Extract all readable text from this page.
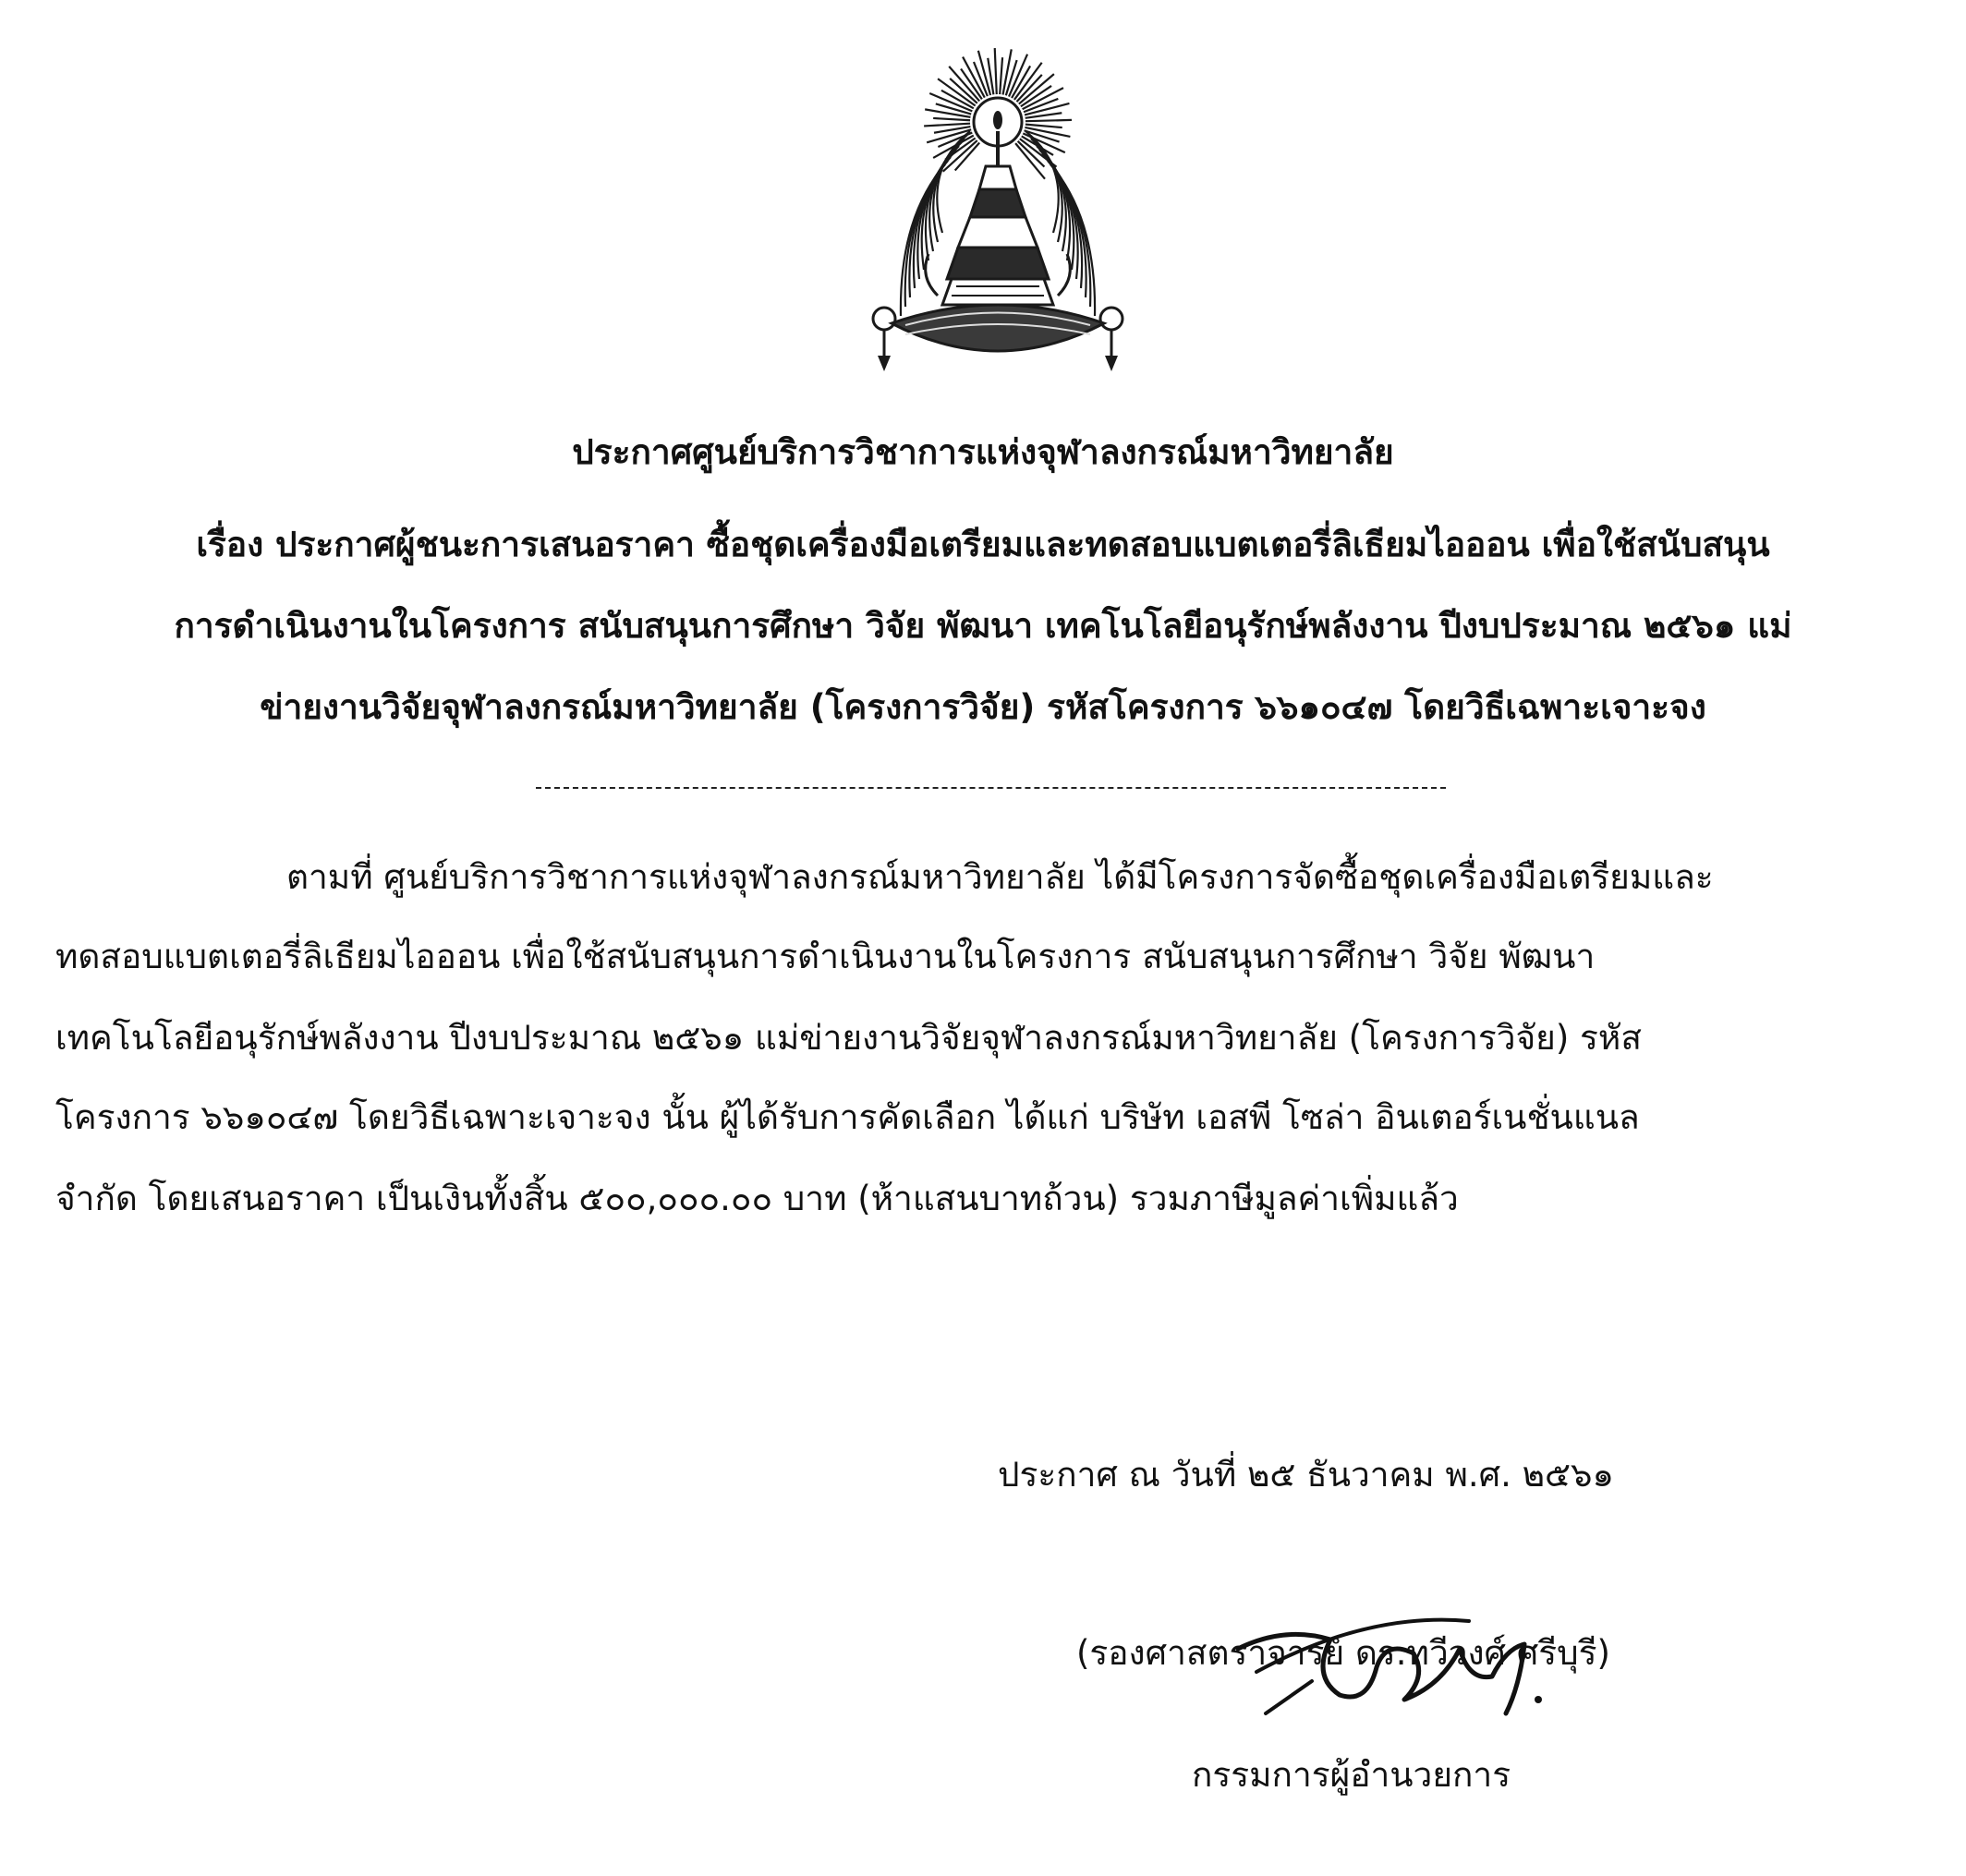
ประกาศศูนย์บริการวิชาการแห่งจุฬาลงกรณ์มหาวิทยาลัย
เรื่อง ประกาศผู้ชนะการเสนอราคา ซื้อชุดเครื่องมือเตรียมและทดสอบแบตเตอรี่ลิเธียมไอออน เพื่อใช้สนับสนุน
การดำเนินงานในโครงการ สนับสนุนการศึกษา วิจัย พัฒนา เทคโนโลยีอนุรักษ์พลังงาน ปีงบประมาณ ๒๕๖๑ แม่
ข่ายงานวิจัยจุฬาลงกรณ์มหาวิทยาลัย (โครงการวิจัย) รหัสโครงการ ๖๖๑๐๔๗ โดยวิธีเฉพาะเจาะจง
ตามที่ ศูนย์บริการวิชาการแห่งจุฬาลงกรณ์มหาวิทยาลัย ได้มีโครงการจัดซื้อชุดเครื่องมือเตรียมและ
ทดสอบแบตเตอรี่ลิเธียมไอออน เพื่อใช้สนับสนุนการดำเนินงานในโครงการ สนับสนุนการศึกษา วิจัย พัฒนา
เทคโนโลยีอนุรักษ์พลังงาน ปีงบประมาณ ๒๕๖๑ แม่ข่ายงานวิจัยจุฬาลงกรณ์มหาวิทยาลัย (โครงการวิจัย) รหัส
โครงการ ๖๖๑๐๔๗ โดยวิธีเฉพาะเจาะจง นั้น ผู้ได้รับการคัดเลือก ได้แก่ บริษัท เอสพี โซล่า อินเตอร์เนชั่นแนล
จำกัด โดยเสนอราคา เป็นเงินทั้งสิ้น ๕๐๐,๐๐๐.๐๐ บาท (ห้าแสนบาทถ้วน) รวมภาษีมูลค่าเพิ่มแล้ว
ประกาศ ณ วันที่ ๒๕ ธันวาคม พ.ศ. ๒๕๖๑
(รองศาสตราจารย์ ดร.ทวีวงศ์ ศรีบุรี)
กรรมการผู้อำนวยการ
